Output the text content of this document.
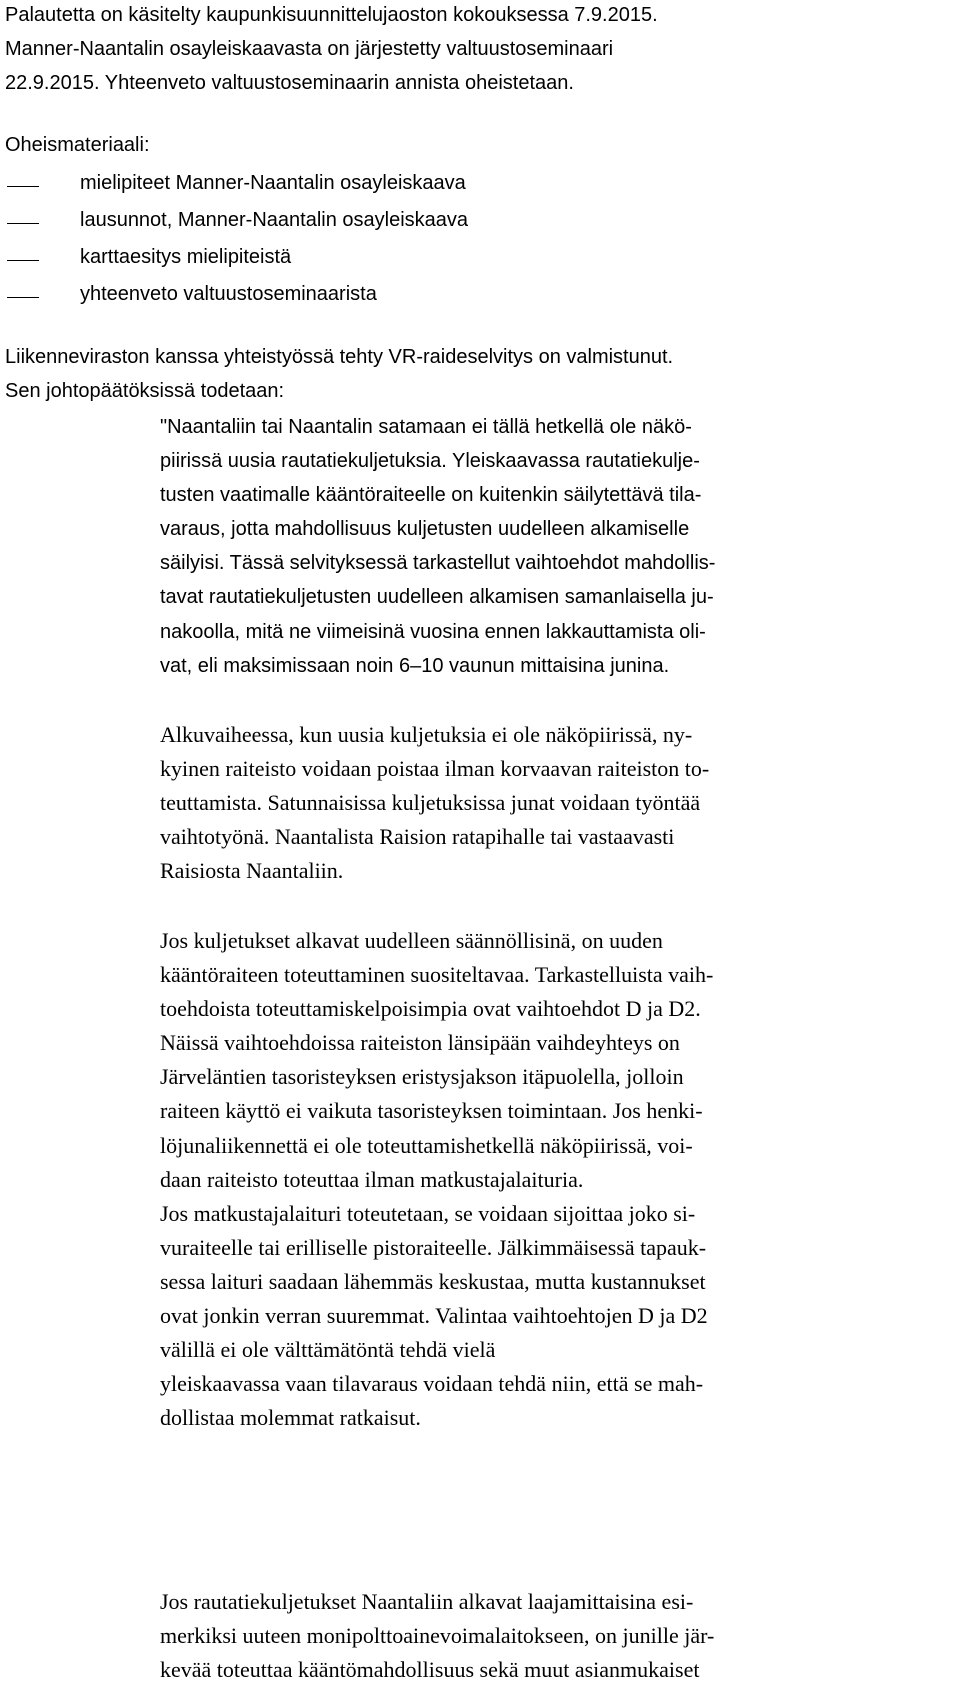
Palautetta on käsitelty kaupunkisuunnittelujaoston kokouksessa 7.9.2015.
Manner-Naantalin osayleiskaavasta on järjestetty valtuustoseminaari
22.9.2015. Yhteenveto valtuustoseminaarin annista oheistetaan.
Oheismateriaali:
mielipiteet Manner-Naantalin osayleiskaava
lausunnot, Manner-Naantalin osayleiskaava
karttaesitys mielipiteistä
yhteenveto valtuustoseminaarista
Liikenneviraston kanssa yhteistyössä tehty VR-raideselvitys on valmistunut.
Sen johtopäätöksissä todetaan:
"Naantaliin tai Naantalin satamaan ei tällä hetkellä ole näkö-
piirissä uusia rautatiekuljetuksia. Yleiskaavassa rautatiekulje-
tusten vaatimalle kääntöraiteelle on kuitenkin säilytettävä tila-
varaus, jotta mahdollisuus kuljetusten uudelleen alkamiselle
säilyisi. Tässä selvityksessä tarkastellut vaihtoehdot mahdollis-
tavat rautatiekuljetusten uudelleen alkamisen samanlaisella ju-
nakoolla, mitä ne viimeisinä vuosina ennen lakkauttamista oli-
vat, eli maksimissaan noin 6–10 vaunun mittaisina junina.
Alkuvaiheessa, kun uusia kuljetuksia ei ole näköpiirissä, ny-
kyinen raiteisto voidaan poistaa ilman korvaavan raiteiston to-
teuttamista. Satunnaisissa kuljetuksissa junat voidaan työntää
vaihtotyönä. Naantalista Raision ratapihalle tai vastaavasti
Raisiosta Naantaliin.
Jos kuljetukset alkavat uudelleen säännöllisinä, on uuden
kääntöraiteen toteuttaminen suositeltavaa. Tarkastelluista vaih-
toehdoista toteuttamiskelpoisimpia ovat vaihtoehdot D ja D2.
Näissä vaihtoehdoissa raiteiston länsipään vaihdeyhteys on
Järveläntien tasoristeyksen eristysjakson itäpuolella, jolloin
raiteen käyttö ei vaikuta tasoristeyksen toimintaan. Jos henki-
löjunaliikennettä ei ole toteuttamishetkellä näköpiirissä, voi-
daan raiteisto toteuttaa ilman matkustajalaituria.
Jos matkustajalaituri toteutetaan, se voidaan sijoittaa joko si-
vuraiteelle tai erilliselle pistoraiteelle. Jälkimmäisessä tapauk-
sessa laituri saadaan lähemmäs keskustaa, mutta kustannukset
ovat jonkin verran suuremmat. Valintaa vaihtoehtojen D ja D2
välillä ei ole välttämätöntä tehdä vielä
yleiskaavassa vaan tilavaraus voidaan tehdä niin, että se mah-
dollistaa molemmat ratkaisut.
Jos rautatiekuljetukset Naantaliin alkavat laajamittaisina esi-
merkiksi uuteen monipolttoainevoimalaitokseen, on junille jär-
kevää toteuttaa kääntömahdollisuus sekä muut asianmukaiset
